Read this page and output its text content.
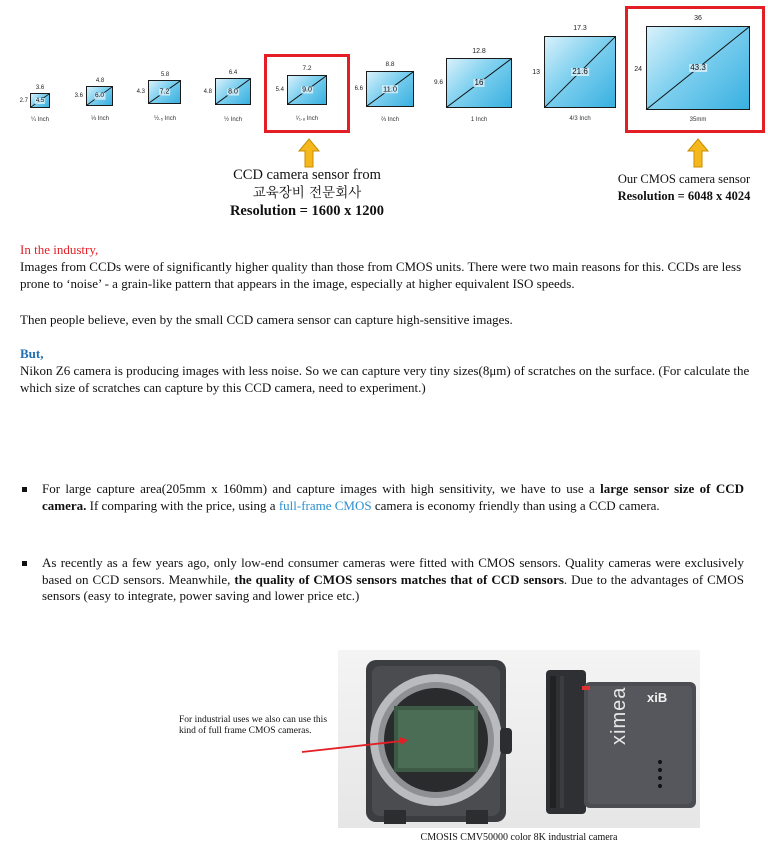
3.6
4.5
2.7
¼ Inch
4.8
6.0
3.6
⅓ Inch
5.8
7.2
4.3
½.₅ Inch
6.4
8.0
4.8
½ Inch
7.2
9.0
5.4
¹⁄₁.₈ Inch
8.8
11.0
6.6
⅔ Inch
12.8
16
9.6
1 Inch
17.3
21.6
13
4/3 Inch
36
43.3
24
35mm
CCD camera sensor from
교육장비 전문회사
Resolution = 1600 x 1200
Our CMOS camera sensor
Resolution = 6048 x 4024
In the industry,
Images from CCDs were of significantly higher quality than those from CMOS units. There were two main reasons for this. CCDs are less prone to ‘noise’ - a grain-like pattern that appears in the image, especially at higher equivalent ISO speeds.
Then people believe, even by the small CCD camera sensor can capture high-sensitive images.
But,
Nikon Z6 camera is producing images with less noise. So we can capture very tiny sizes(8μm) of scratches on the surface. (For calculate the which size of scratches can capture by this CCD camera, need to experiment.)
For large capture area(205mm x 160mm) and capture images with high sensitivity, we have to use a large sensor size of CCD camera. If comparing with the price, using a full-frame CMOS camera is economy friendly than using a CCD camera.
As recently as a few years ago, only low-end consumer cameras were fitted with CMOS sensors. Quality cameras were exclusively based on CCD sensors. Meanwhile, the quality of CMOS sensors matches that of CCD sensors. Due to the advantages of CMOS sensors (easy to integrate, power saving and lower price etc.)
ximea xiB
For industrial uses we also can use this kind of full frame CMOS cameras.
CMOSIS CMV50000 color 8K industrial camera
